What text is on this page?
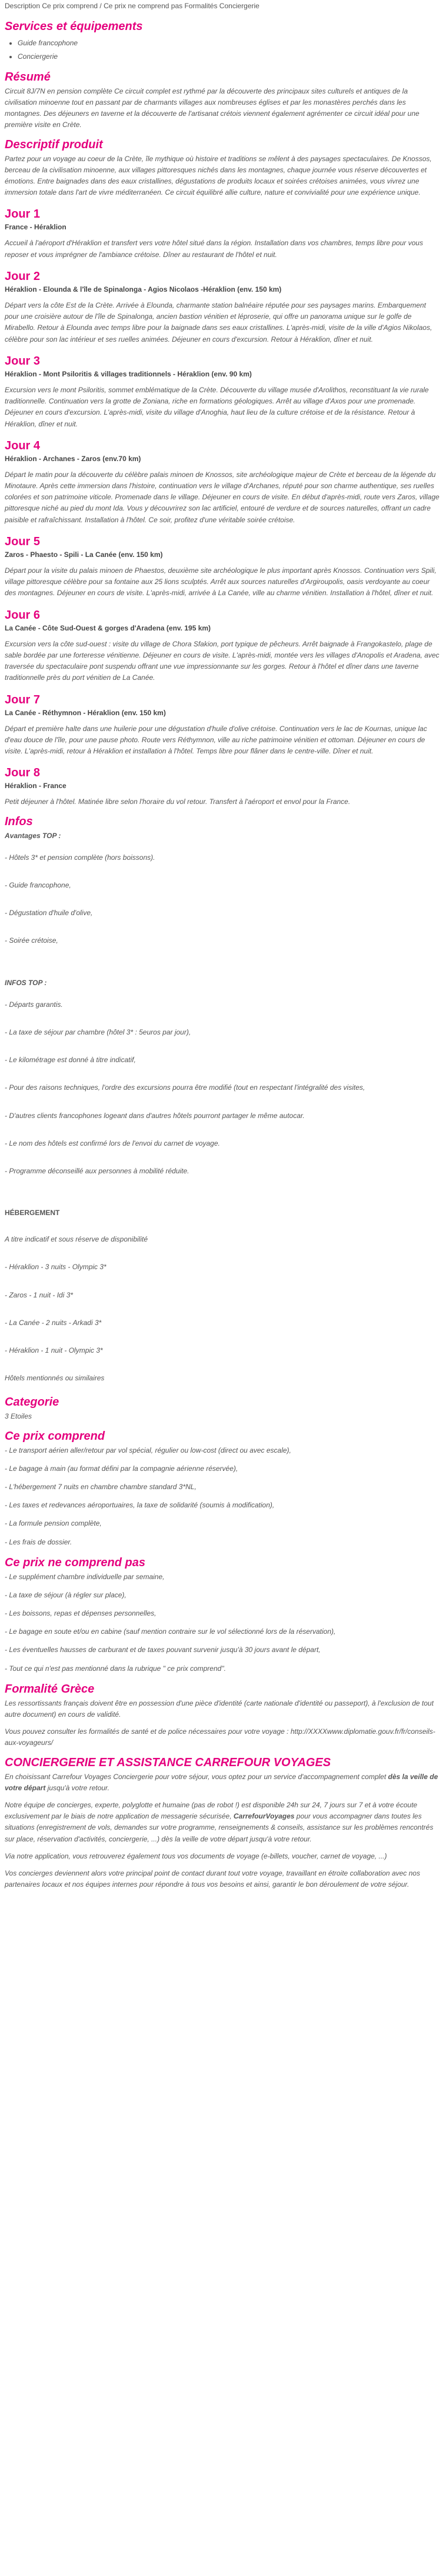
Description Ce prix comprend / Ce prix ne comprend pas Formalités Conciergerie

Services et équipements
• Guide francophone
• Conciergerie
Résumé

Circuit 8J/7N en pension complète Ce circuit complet est rythmé par la découverte des principaux sites culturels et antiques de la civilisation minoenne tout en passant par de charmants villages aux nombreuses églises et par les monastères perchés dans les montagnes. Des déjeuners en taverne et la découverte de l'artisanat crétois viennent également agrémenter ce circuit idéal pour une première visite en Crète.

Descriptif produit

Partez pour un voyage au coeur de la Crète, île mythique où histoire et traditions se mêlent à des paysages spectaculaires. De Knossos, berceau de la civilisation minoenne, aux villages pittoresques nichés dans les montagnes, chaque journée vous réserve découvertes et émotions. Entre baignades dans des eaux cristallines, dégustations de produits locaux et soirées crétoises animées, vous vivrez une immersion totale dans l'art de vivre méditerranéen. Ce circuit équilibré allie culture, nature et convivialité pour une expérience unique.

Jour 1
France - Héraklion

Accueil à l'aéroport d'Héraklion et transfert vers votre hôtel situé dans la région. Installation dans vos chambres, temps libre pour vous reposer et vous imprégner de l'ambiance crétoise. Dîner au restaurant de l'hôtel et nuit.

Jour 2
Héraklion - Elounda & l'île de Spinalonga - Agios Nicolaos -Héraklion (env. 150 km)

Départ vers la côte Est de la Crète. Arrivée à Elounda, charmante station balnéaire réputée pour ses paysages marins. Embarquement pour une croisière autour de l'île de Spinalonga, ancien bastion vénitien et léproserie, qui offre un panorama unique sur le golfe de Mirabello. Retour à Elounda avec temps libre pour la baignade dans ses eaux cristallines. L'après-midi, visite de la ville d'Agios Nikolaos, célèbre pour son lac intérieur et ses ruelles animées. Déjeuner en cours d'excursion. Retour à Héraklion, dîner et nuit.

Jour 3
Héraklion - Mont Psiloritis & villages traditionnels - Héraklion (env. 90 km)

Excursion vers le mont Psiloritis, sommet emblématique de la Crète. Découverte du village musée d'Arolithos, reconstituant la vie rurale traditionnelle. Continuation vers la grotte de Zoniana, riche en formations géologiques. Arrêt au village d'Axos pour une promenade. Déjeuner en cours d'excursion. L'après-midi, visite du village d'Anoghia, haut lieu de la culture crétoise et de la résistance. Retour à Héraklion, dîner et nuit.

Jour 4
Héraklion - Archanes - Zaros (env.70 km)

Départ le matin pour la découverte du célèbre palais minoen de Knossos, site archéologique majeur de Crète et berceau de la légende du Minotaure. Après cette immersion dans l'histoire, continuation vers le village d'Archanes, réputé pour son charme authentique, ses ruelles colorées et son patrimoine viticole. Promenade dans le village. Déjeuner en cours de visite. En début d'après-midi, route vers Zaros, village pittoresque niché au pied du mont Ida. Vous y découvrirez son lac artificiel, entouré de verdure et de sources naturelles, offrant un cadre paisible et rafraîchissant. Installation à l'hôtel. Ce soir, profitez d'une véritable soirée crétoise.

Jour 5
Zaros - Phaesto - Spili - La Canée (env. 150 km)

Départ pour la visite du palais minoen de Phaestos, deuxième site archéologique le plus important après Knossos. Continuation vers Spili, village pittoresque célèbre pour sa fontaine aux 25 lions sculptés. Arrêt aux sources naturelles d'Argiroupolis, oasis verdoyante au coeur des montagnes. Déjeuner en cours de visite. L'après-midi, arrivée à La Canée, ville au charme vénitien. Installation à l'hôtel, dîner et nuit.

Jour 6
La Canée - Côte Sud-Ouest & gorges d'Aradena (env. 195 km)

Excursion vers la côte sud-ouest : visite du village de Chora Sfakion, port typique de pêcheurs. Arrêt baignade à Frangokastelo, plage de sable bordée par une forteresse vénitienne. Déjeuner en cours de visite. L'après-midi, montée vers les villages d'Anopolis et Aradena, avec traversée du spectaculaire pont suspendu offrant une vue impressionnante sur les gorges. Retour à l'hôtel et dîner dans une taverne traditionnelle près du port vénitien de La Canée.

Jour 7
La Canée - Réthymnon - Héraklion (env. 150 km)

Départ et première halte dans une huilerie pour une dégustation d'huile d'olive crétoise. Continuation vers le lac de Kournas, unique lac d'eau douce de l'île, pour une pause photo. Route vers Réthymnon, ville au riche patrimoine vénitien et ottoman. Déjeuner en cours de visite. L'après-midi, retour à Héraklion et installation à l'hôtel. Temps libre pour flâner dans le centre-ville. Dîner et nuit.

Jour 8
Héraklion - France

Petit déjeuner à l'hôtel. Matinée libre selon l'horaire du vol retour. Transfert à l'aéroport et envol pour la France.

Infos
Avantages TOP :
- Hôtels 3* et pension complète (hors boissons).
- Guide francophone,
- Dégustation d'huile d'olive,
- Soirée crétoise,
INFOS TOP :
- Départs garantis.
- La taxe de séjour par chambre (hôtel 3* : 5euros par jour),
- Le kilométrage est donné à titre indicatif,
- Pour des raisons techniques, l'ordre des excursions pourra être modifié (tout en respectant l'intégralité des visites,
- D'autres clients francophones logeant dans d'autres hôtels pourront partager le même autocar.
- Le nom des hôtels est confirmé lors de l'envoi du carnet de voyage.
- Programme déconseillé aux personnes à mobilité réduite.
HÉBERGEMENT
A titre indicatif et sous réserve de disponibilité
- Héraklion - 3 nuits - Olympic 3*
- Zaros - 1 nuit - Idi 3*
- La Canée - 2 nuits - Arkadi 3*
- Héraklion - 1 nuit - Olympic 3*
Hôtels mentionnés ou similaires
Categorie

3 Etoiles

Ce prix comprend
- Le transport aérien aller/retour par vol spécial, régulier ou low-cost (direct ou avec escale),
- Le bagage à main (au format défini par la compagnie aérienne réservée),
- L'hébergement 7 nuits en chambre chambre standard 3*NL,
- Les taxes et redevances aéroportuaires, la taxe de solidarité (soumis à modification),
- La formule pension complète,
- Les frais de dossier.
Ce prix ne comprend pas
- Le supplément chambre individuelle par semaine,
- La taxe de séjour (à régler sur place),
- Les boissons, repas et dépenses personnelles,
- Le bagage en soute et/ou en cabine (sauf mention contraire sur le vol sélectionné lors de la réservation),
- Les éventuelles hausses de carburant et de taxes pouvant survenir jusqu'à 30 jours avant le départ,
- Tout ce qui n'est pas mentionné dans la rubrique " ce prix comprend".
Formalité Grèce

Les ressortissants français doivent être en possession d'une pièce d'identité (carte nationale d'identité ou passeport), à l'exclusion de tout autre document) en cours de validité.

Vous pouvez consulter les formalités de santé et de police nécessaires pour votre voyage : http://XXXXwww.diplomatie.gouv.fr/fr/conseils-aux-voyageurs/

CONCIERGERIE ET ASSISTANCE CARREFOUR VOYAGES

En choisissant Carrefour Voyages Conciergerie pour votre séjour, vous optez pour un service d'accompagnement complet dès la veille de votre départ jusqu'à votre retour.

Notre équipe de concierges, experte, polyglotte et humaine (pas de robot !) est disponible 24h sur 24, 7 jours sur 7 et à votre écoute exclusivement par le biais de notre application de messagerie sécurisée, CarrefourVoyages pour vous accompagner dans toutes les situations (enregistrement de vols, demandes sur votre programme, renseignements & conseils, assistance sur les problèmes rencontrés sur place, réservation d'activités, conciergerie, ...) dès la veille de votre départ jusqu'à votre retour.

Via notre application, vous retrouverez également tous vos documents de voyage (e-billets, voucher, carnet de voyage, ...)

Vos concierges deviennent alors votre principal point de contact durant tout votre voyage, travaillant en étroite collaboration avec nos partenaires locaux et nos équipes internes pour répondre à tous vos besoins et ainsi, garantir le bon déroulement de votre séjour.
